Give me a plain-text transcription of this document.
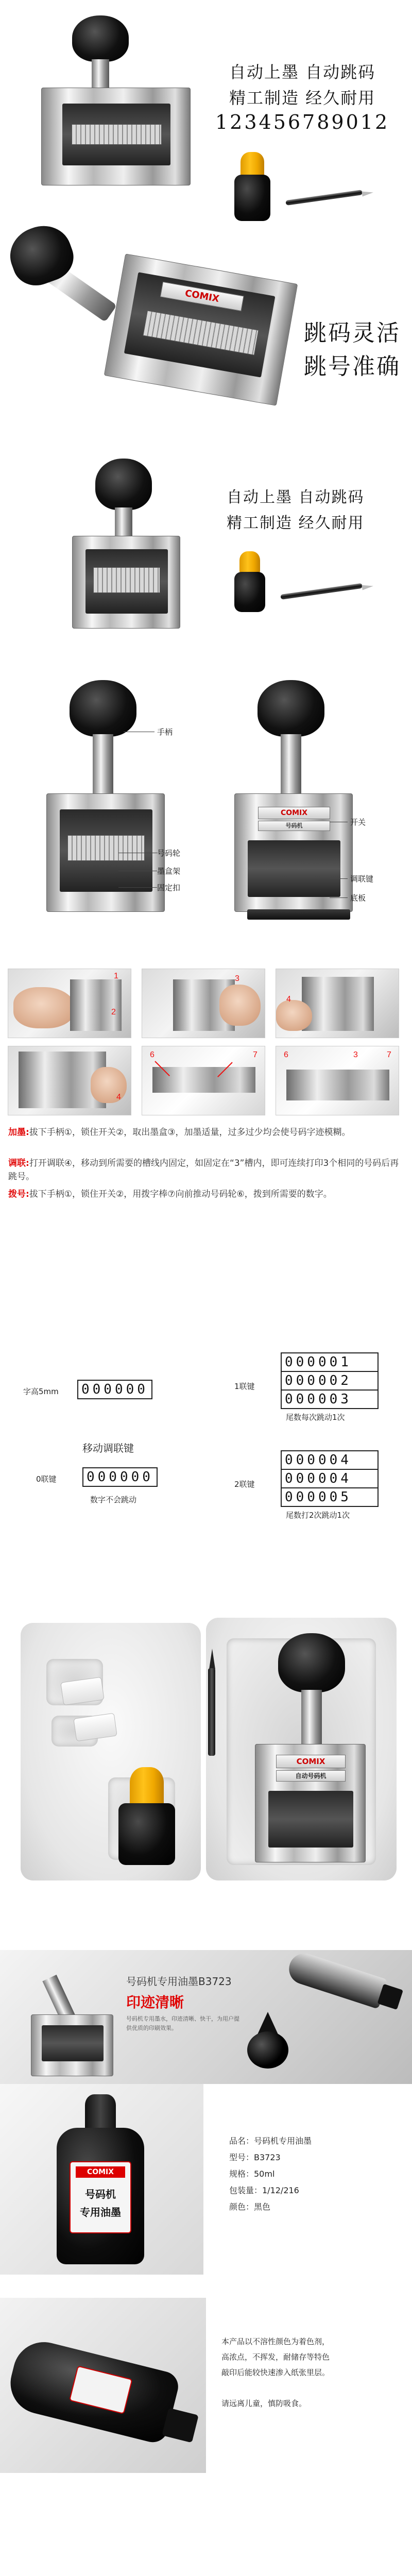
自动上墨 自动跳码
精工制造 经久耐用
123456789012
COMIX
跳码灵活
跳号准确
自动上墨 自动跳码
精工制造 经久耐用
手柄
号码轮
墨盒架
固定扣
COMIX
号码机	开关
调联键
底板
1
2
3
4
4
6	7	6	3	7
加墨:拔下手柄①，锁住开关②，取出墨盒③，加墨适量，过多过少均会使号码字迹模糊。
调联:打开调联④，移动到所需要的槽线内固定，如固定在“3”槽内，即可连续打印3个相同的号码后再跳号。
拨号:拔下手柄①，锁住开关②，用拨字棒⑦向前推动号码轮⑥，拨到所需要的数字。
字高5mm	000000
移动调联键
0联键	000000
数字不会跳动
1联键
000001
000002
000003
尾数每次跳动1次
2联键
000004
000004
000005
尾数打2次跳动1次
COMIX
自动号码机
号码机专用油墨B3723
印迹清晰
号码机专用墨水，印迹清晰、快干，为用户提供优质的印刷效果。
COMIX
号码机
专用油墨
品名：号码机专用油墨
型号：B3723
规格：50ml
包装量：1/12/216
颜色：黑色
本产品以不溶性颜色为着色剂，
高浓点，不挥发，耐储存等特色
敲印后能较快速渗入纸张里层。
请远离儿童，慎防吸食。
